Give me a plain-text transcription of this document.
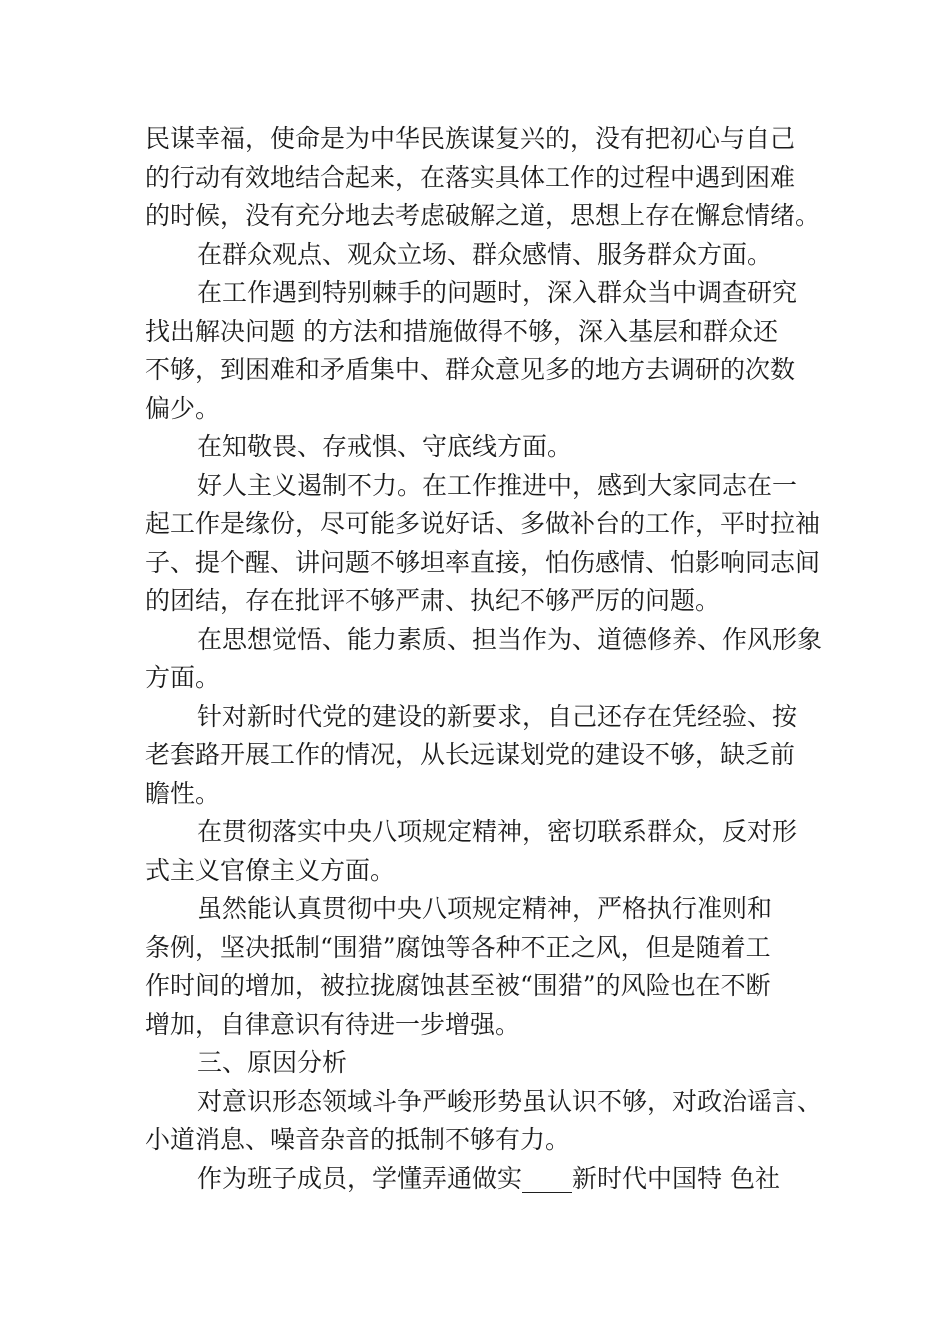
民谋幸福，使命是为中华民族谋复兴的，没有把初心与自己
的行动有效地结合起来，在落实具体工作的过程中遇到困难
的时候，没有充分地去考虑破解之道，思想上存在懈怠情绪。
在群众观点、观众立场、群众感情、服务群众方面。
在工作遇到特别棘手的问题时，深入群众当中调查研究
找出解决问题 的方法和措施做得不够，深入基层和群众还
不够，到困难和矛盾集中、群众意见多的地方去调研的次数
偏少。
在知敬畏、存戒惧、守底线方面。
好人主义遏制不力。在工作推进中，感到大家同志在一
起工作是缘份，尽可能多说好话、多做补台的工作，平时拉袖
子、提个醒、讲问题不够坦率直接，怕伤感情、怕影响同志间
的团结，存在批评不够严肃、执纪不够严厉的问题。
在思想觉悟、能力素质、担当作为、道德修养、作风形象
方面。
针对新时代党的建设的新要求，自己还存在凭经验、按
老套路开展工作的情况，从长远谋划党的建设不够，缺乏前
瞻性。
在贯彻落实中央八项规定精神，密切联系群众，反对形
式主义官僚主义方面。
虽然能认真贯彻中央八项规定精神，严格执行准则和
条例，坚决抵制“围猎”腐蚀等各种不正之风，但是随着工
作时间的增加，被拉拢腐蚀甚至被“围猎”的风险也在不断
增加，自律意识有待进一步增强。
三、原因分析
对意识形态领域斗争严峻形势虽认识不够，对政治谣言、
小道消息、噪音杂音的抵制不够有力。
作为班子成员，学懂弄通做实____新时代中国特 色社
